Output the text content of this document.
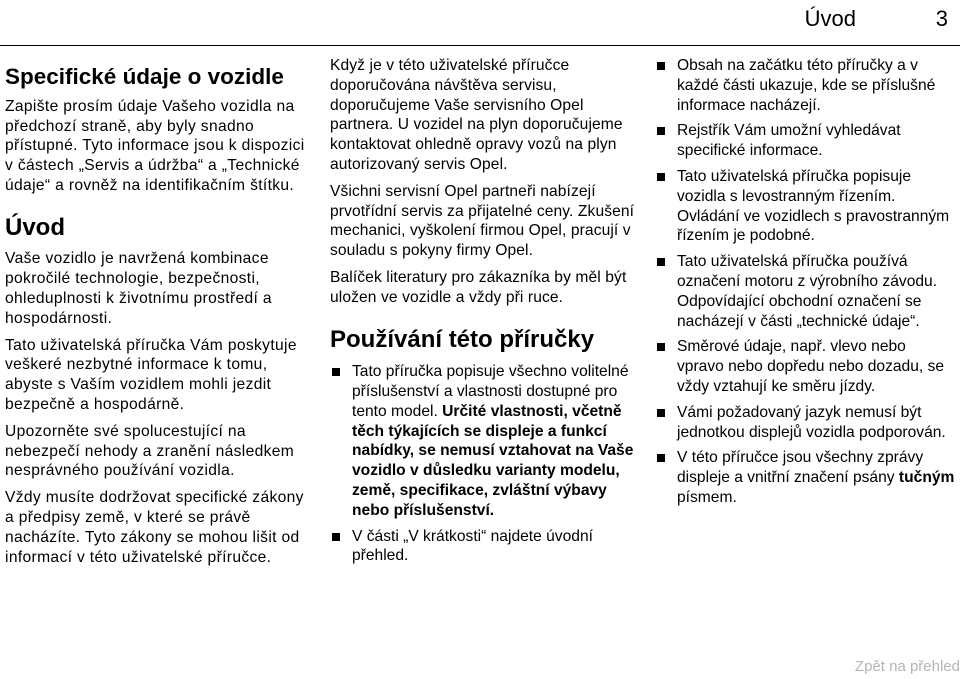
Úvod	3
Specifické údaje o vozidle

Zapište prosím údaje Vašeho vozidla na předchozí straně, aby byly snadno přístupné. Tyto informace jsou k dispozici v částech „Servis a údržba“ a „Technické údaje“ a rovněž na identifikačním štítku.

Úvod

Vaše vozidlo je navržená kombinace pokročilé technologie, bezpečnosti, ohleduplnosti k životnímu prostředí a hospodárnosti.

Tato uživatelská příručka Vám poskytuje veškeré nezbytné informace k tomu, abyste s Vaším vozidlem mohli jezdit bezpečně a hospodárně.

Upozorněte své spolucestující na nebezpečí nehody a zranění následkem nesprávného používání vozidla.

Vždy musíte dodržovat specifické zákony a předpisy země, v které se právě nacházíte. Tyto zákony se mohou lišit od informací v této uživatelské příručce.

Když je v této uživatelské příručce doporučována návštěva servisu, doporučujeme Vaše servisního Opel partnera. U vozidel na plyn doporučujeme kontaktovat ohledně opravy vozů na plyn autorizovaný servis Opel.

Všichni servisní Opel partneři nabízejí prvotřídní servis za přijatelné ceny. Zkušení mechanici, vyškolení firmou Opel, pracují v souladu s pokyny firmy Opel.

Balíček literatury pro zákazníka by měl být uložen ve vozidle a vždy při ruce.

Používání této příručky
Tato příručka popisuje všechno volitelné příslušenství a vlastnosti dostupné pro tento model. Určité vlastnosti, včetně těch týkajících se displeje a funkcí nabídky, se nemusí vztahovat na Vaše vozidlo v důsledku varianty modelu, země, specifikace, zvláštní výbavy nebo příslušenství.
V části „V krátkosti“ najdete úvodní přehled.
Obsah na začátku této příručky a v každé části ukazuje, kde se příslušné informace nacházejí.
Rejstřík Vám umožní vyhledávat specifické informace.
Tato uživatelská příručka popisuje vozidla s levostranným řízením. Ovládání ve vozidlech s pravostranným řízením je podobné.
Tato uživatelská příručka používá označení motoru z výrobního závodu. Odpovídající obchodní označení se nacházejí v části „technické údaje“.
Směrové údaje, např. vlevo nebo vpravo nebo dopředu nebo dozadu, se vždy vztahují ke směru jízdy.
Vámi požadovaný jazyk nemusí být jednotkou displejů vozidla podporován.
V této příručce jsou všechny zprávy displeje a vnitřní značení psány tučným písmem.
Zpět na přehled
